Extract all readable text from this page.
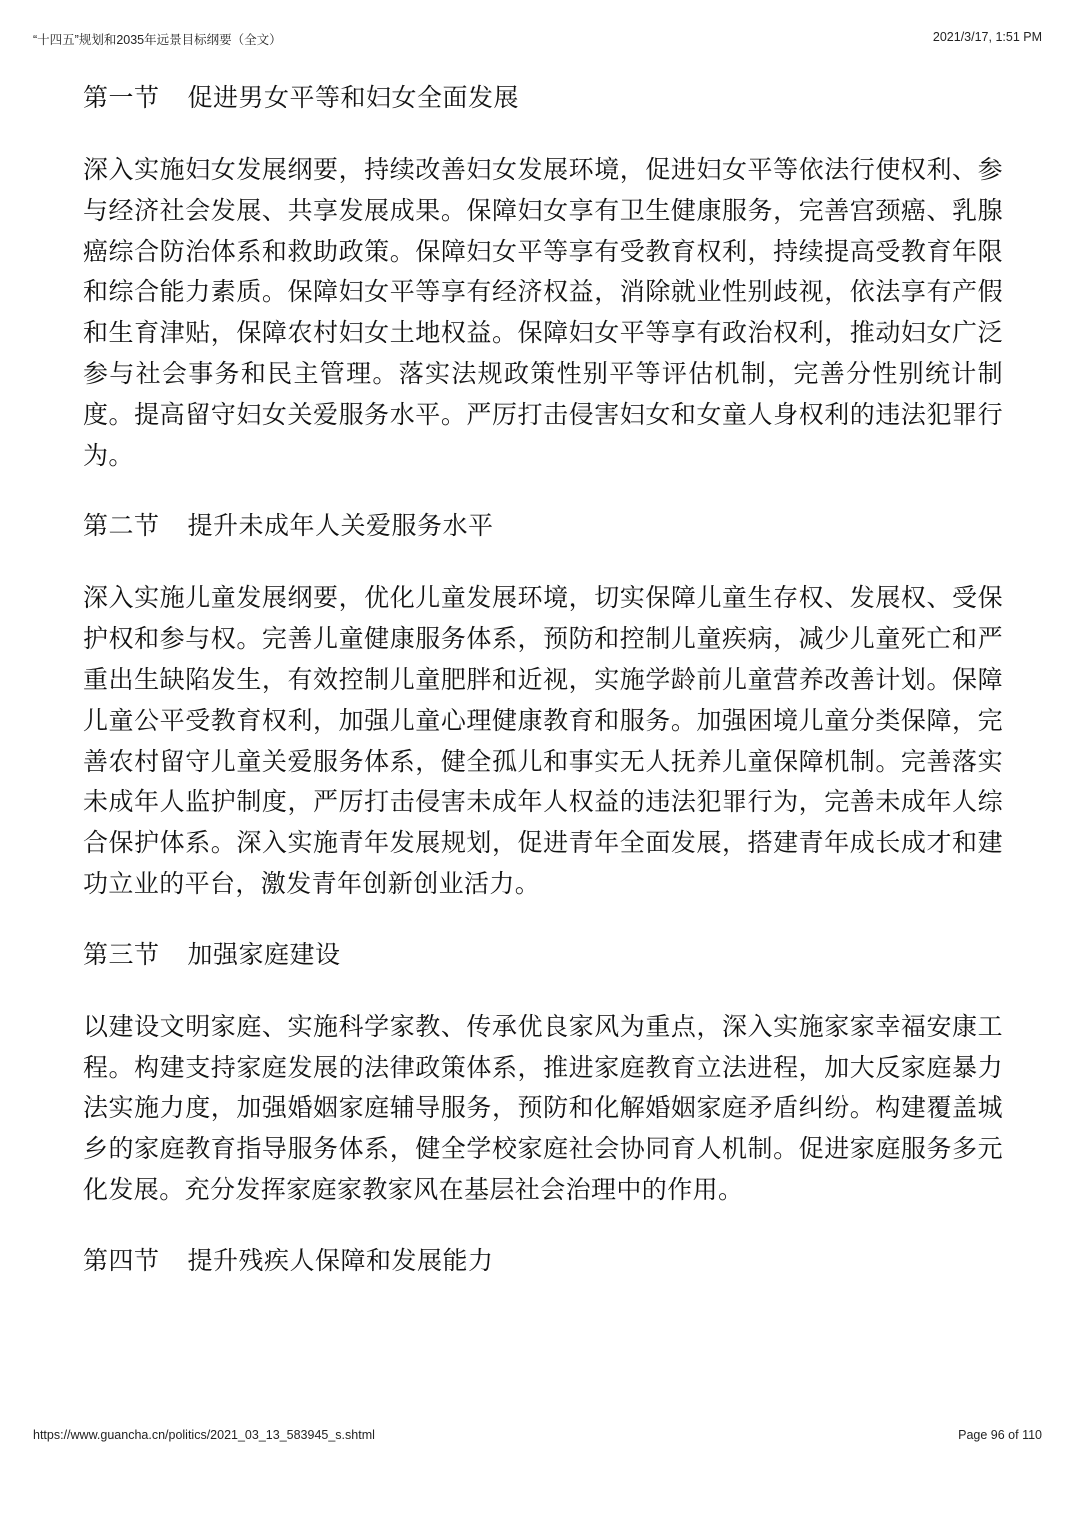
“十四五”规划和2035年远景目标纲要（全文）	2021/3/17, 1:51 PM
第一节 促进男女平等和妇女全面发展

深入实施妇女发展纲要，持续改善妇女发展环境，促进妇女平等依法行使权利、参与经济社会发展、共享发展成果。保障妇女享有卫生健康服务，完善宫颈癌、乳腺癌综合防治体系和救助政策。保障妇女平等享有受教育权利，持续提高受教育年限和综合能力素质。保障妇女平等享有经济权益，消除就业性别歧视，依法享有产假和生育津贴，保障农村妇女土地权益。保障妇女平等享有政治权利，推动妇女广泛参与社会事务和民主管理。落实法规政策性别平等评估机制，完善分性别统计制度。提高留守妇女关爱服务水平。严厉打击侵害妇女和女童人身权利的违法犯罪行为。

第二节 提升未成年人关爱服务水平

深入实施儿童发展纲要，优化儿童发展环境，切实保障儿童生存权、发展权、受保护权和参与权。完善儿童健康服务体系，预防和控制儿童疾病，减少儿童死亡和严重出生缺陷发生，有效控制儿童肥胖和近视，实施学龄前儿童营养改善计划。保障儿童公平受教育权利，加强儿童心理健康教育和服务。加强困境儿童分类保障，完善农村留守儿童关爱服务体系，健全孤儿和事实无人抚养儿童保障机制。完善落实未成年人监护制度，严厉打击侵害未成年人权益的违法犯罪行为，完善未成年人综合保护体系。深入实施青年发展规划，促进青年全面发展，搭建青年成长成才和建功立业的平台，激发青年创新创业活力。

第三节 加强家庭建设

以建设文明家庭、实施科学家教、传承优良家风为重点，深入实施家家幸福安康工程。构建支持家庭发展的法律政策体系，推进家庭教育立法进程，加大反家庭暴力法实施力度，加强婚姻家庭辅导服务，预防和化解婚姻家庭矛盾纠纷。构建覆盖城乡的家庭教育指导服务体系，健全学校家庭社会协同育人机制。促进家庭服务多元化发展。充分发挥家庭家教家风在基层社会治理中的作用。

第四节 提升残疾人保障和发展能力
https://www.guancha.cn/politics/2021_03_13_583945_s.shtml	Page 96 of 110
